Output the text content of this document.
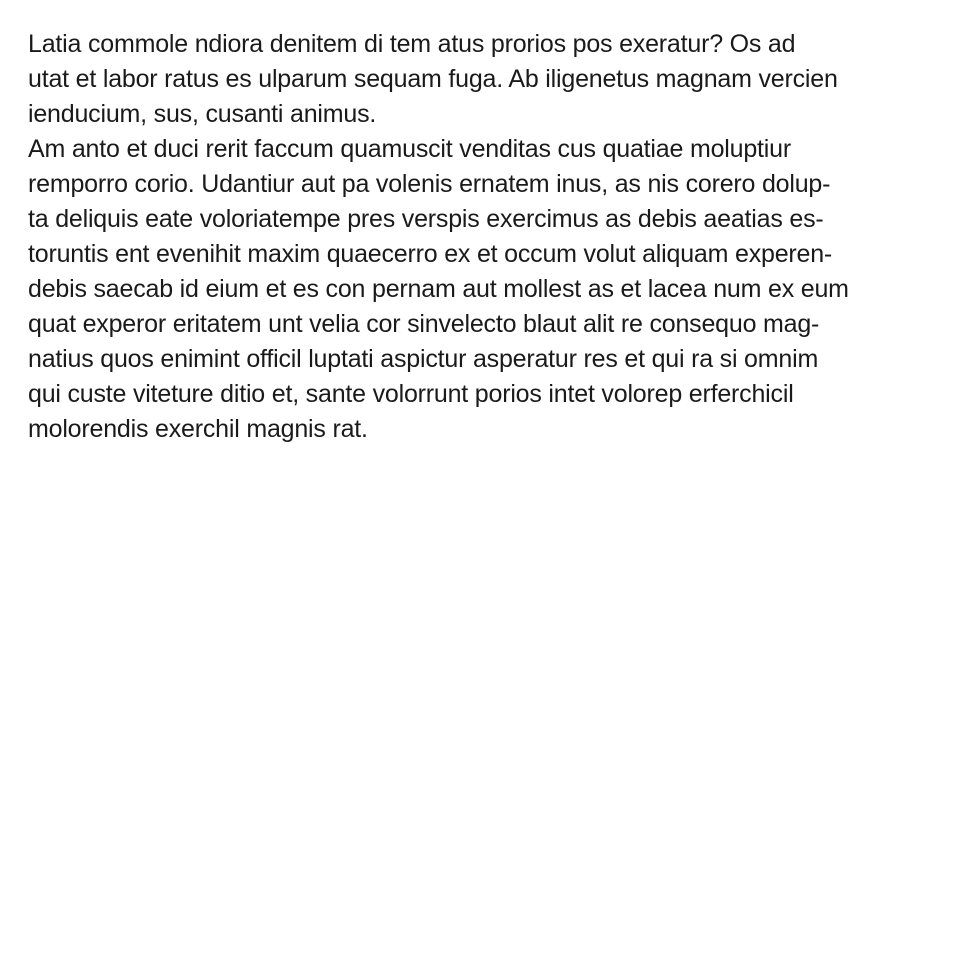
Latia commole ndiora denitem di tem atus prorios pos exeratur? Os ad
utat et labor ratus es ulparum sequam fuga. Ab iligenetus magnam vercien
ienducium, sus, cusanti animus.

Am anto et duci rerit faccum quamuscit venditas cus quatiae moluptiur
remporro corio. Udantiur aut pa volenis ernatem inus, as nis corero dolup-
ta deliquis eate voloriatempe pres verspis exercimus as debis aeatias es-
toruntis ent evenihit maxim quaecerro ex et occum volut aliquam experen-
debis saecab id eium et es con pernam aut mollest as et lacea num ex eum
quat experor eritatem unt velia cor sinvelecto blaut alit re consequo mag-
natius quos enimint officil luptati aspictur asperatur res et qui ra si omnim
qui custe viteture ditio et, sante volorrunt porios intet volorep erferchicil
molorendis exerchil magnis rat.
